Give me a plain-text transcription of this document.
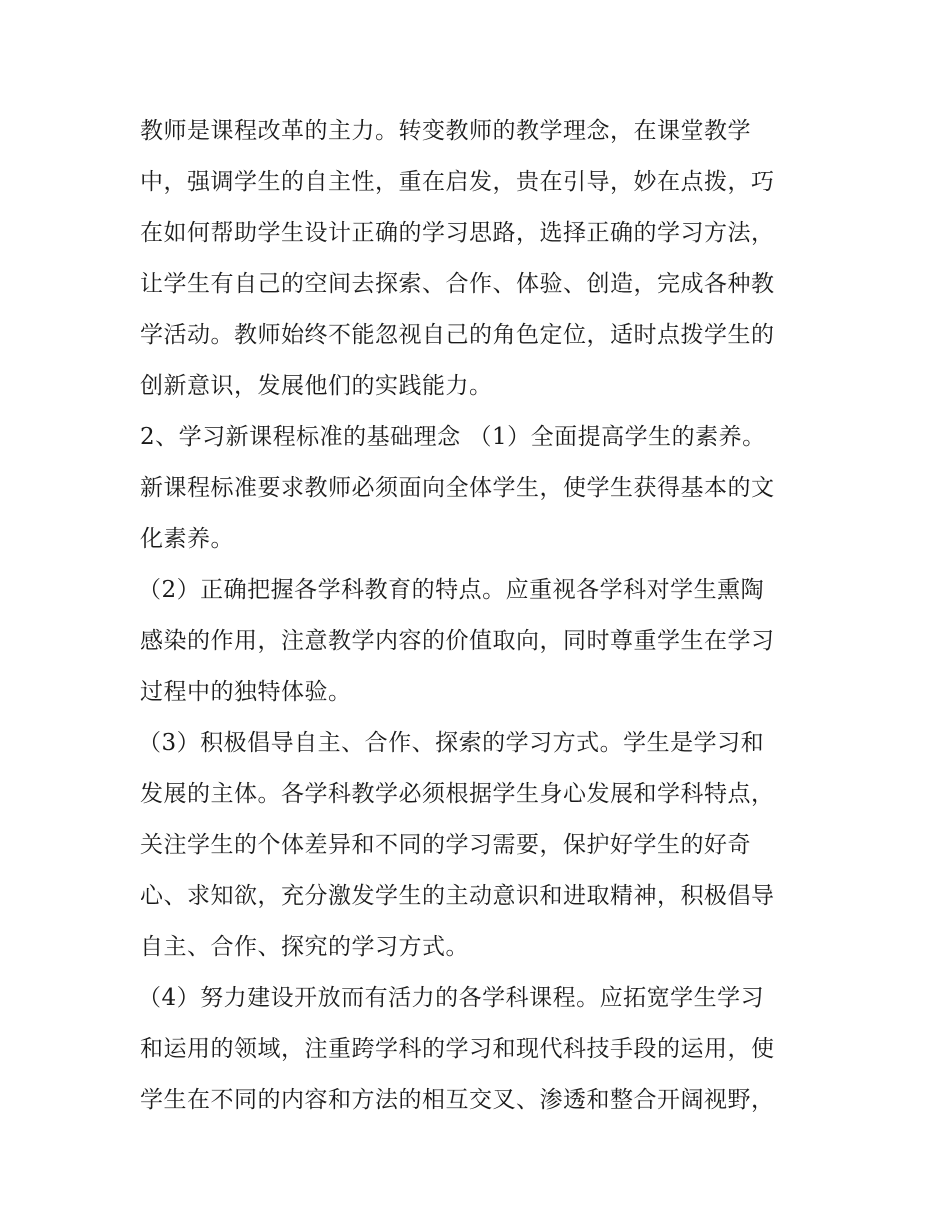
教师是课程改革的主力。转变教师的教学理念，在课堂教学
中，强调学生的自主性，重在启发，贵在引导，妙在点拨，巧
在如何帮助学生设计正确的学习思路，选择正确的学习方法，
让学生有自己的空间去探索、合作、体验、创造，完成各种教
学活动。教师始终不能忽视自己的角色定位，适时点拨学生的
创新意识，发展他们的实践能力。
2、学习新课程标准的基础理念 （1）全面提高学生的素养。
新课程标准要求教师必须面向全体学生，使学生获得基本的文
化素养。
（2）正确把握各学科教育的特点。应重视各学科对学生熏陶
感染的作用，注意教学内容的价值取向，同时尊重学生在学习
过程中的独特体验。
（3）积极倡导自主、合作、探索的学习方式。学生是学习和
发展的主体。各学科教学必须根据学生身心发展和学科特点，
关注学生的个体差异和不同的学习需要，保护好学生的好奇
心、求知欲，充分激发学生的主动意识和进取精神，积极倡导
自主、合作、探究的学习方式。
（4）努力建设开放而有活力的各学科课程。应拓宽学生学习
和运用的领域，注重跨学科的学习和现代科技手段的运用，使
学生在不同的内容和方法的相互交叉、渗透和整合开阔视野，
